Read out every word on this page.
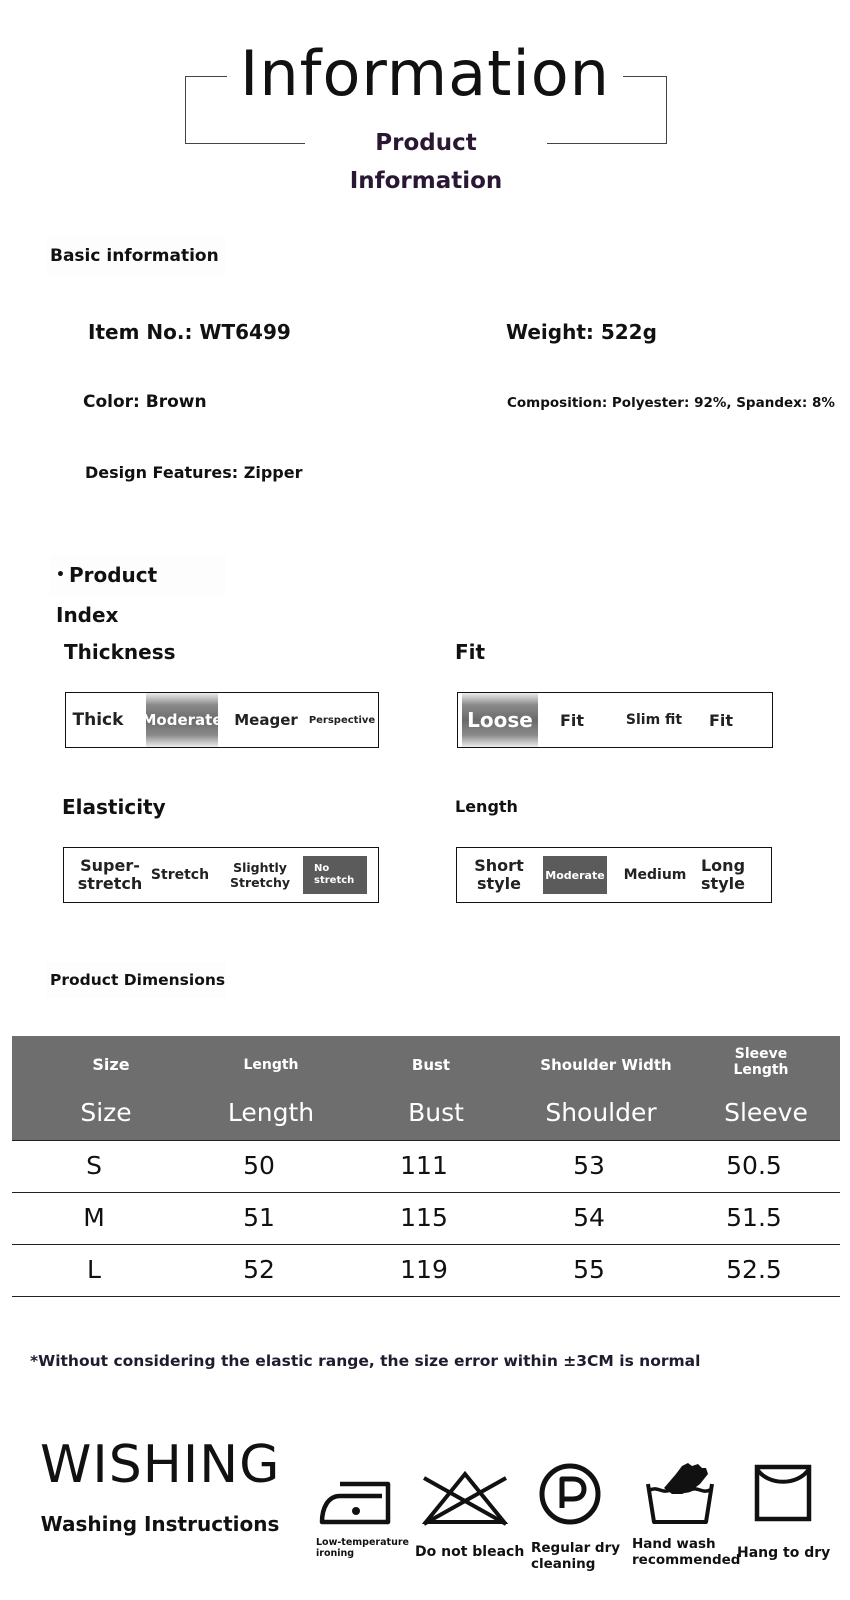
Information
Product Information
Basic information
Item No.: WT6499	Weight: 522g
Color: Brown	Composition: Polyester: 92%, Spandex: 8%
Design Features: Zipper
• Product Index
Thickness
Thick	Moderate Meager	Perspective
Fit
Loose	Fit	Slim fit	Fit
Elasticity
Super-
stretch Stretch	Slightly
Stretchy
No
stretch
Length
Short
style	Moderate	Medium Long
style
Product Dimensions
Size	Length	Bust	Shoulder Width
Sleeve
Length
Size	Length	Bust	Shoulder	Sleeve
S	50	111	53	50.5
M	51	115	54	51.5
L	52	119	55	52.5
*Without considering the elastic range, the size error within ±3CM is normal
WISHING
Washing Instructions
Low-temperature
ironing	Do not bleach Regular dry
cleaning
Hand wash
recommended
Hang to dry
